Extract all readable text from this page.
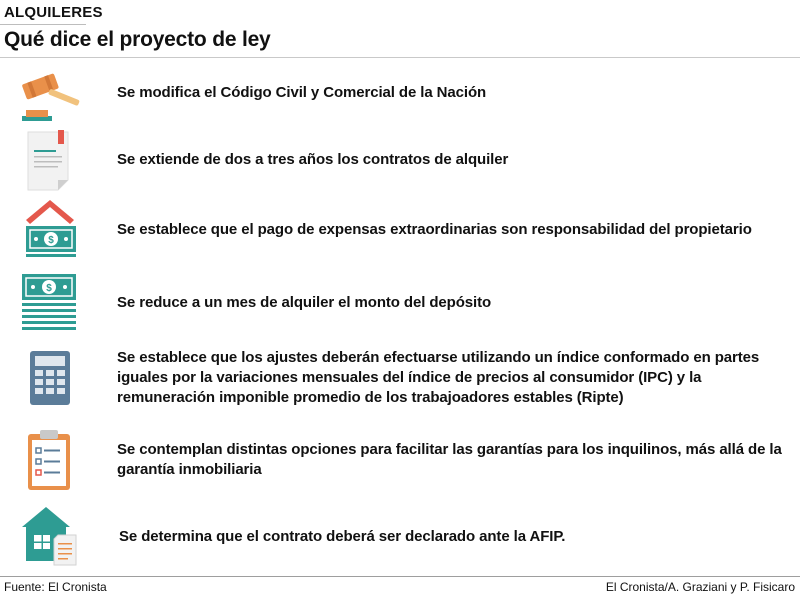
ALQUILERES
Qué dice el proyecto de ley
Se modifica el Código Civil y Comercial de la Nación
Se extiende de dos a tres años los contratos de alquiler
$
Se establece que el pago de expensas extraordinarias son responsabilidad del propietario
$
Se reduce a un mes de alquiler el monto del depósito
Se establece que los ajustes deberán efectuarse utilizando un índice conformado en partes iguales por la variaciones mensuales del índice de precios al consumidor (IPC) y la remuneración imponible promedio de los trabajoadores estables (Ripte)
Se contemplan distintas opciones para facilitar las garantías para los inquilinos, más allá de la garantía inmobiliaria
Se determina que el contrato deberá ser declarado ante la AFIP.
Fuente: El Cronista	El Cronista/A. Graziani y P. Fisicaro
